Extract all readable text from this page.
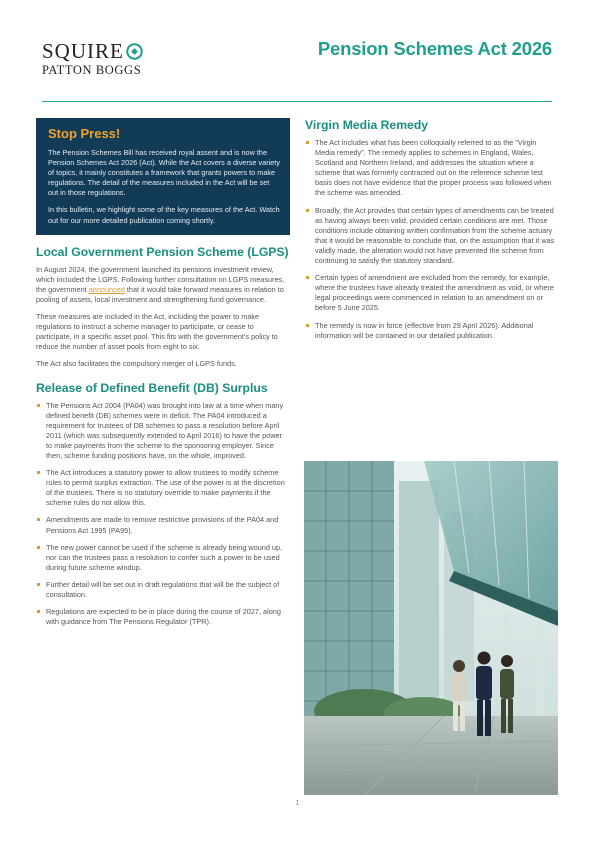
SQUIRE
PATTON BOGGS
Pension Schemes Act 2026
Stop Press!

The Pension Schemes Bill has received royal assent and is now the Pension Schemes Act 2026 (Act). While the Act covers a diverse variety of topics, it mainly constitutes a framework that grants powers to make regulations. The detail of the measures included in the Act will be set out in those regulations.

In this bulletin, we highlight some of the key measures of the Act. Watch out for our more detailed publication coming shortly.

Local Government Pension Scheme (LGPS)

In August 2024, the government launched its pensions investment review, which included the LGPS. Following further consultation on LGPS measures, the government announced that it would take forward measures in relation to pooling of assets, local investment and strengthening fund governance.

These measures are included in the Act, including the power to make regulations to instruct a scheme manager to participate, or cease to participate, in a specific asset pool. This fits with the government’s policy to reduce the number of asset pools from eight to six.

The Act also facilitates the compulsory merger of LGPS funds.

Release of Defined Benefit (DB) Surplus
The Pensions Act 2004 (PA04) was brought into law at a time when many defined benefit (DB) schemes were in deficit. The PA04 introduced a requirement for trustees of DB schemes to pass a resolution before April 2011 (which was subsequently extended to April 2016) to have the power to make payments from the scheme to the sponsoring employer. Since then, scheme funding positions have, on the whole, improved.
The Act introduces a statutory power to allow trustees to modify scheme rules to permit surplus extraction. The use of the power is at the discretion of the trustees. There is no statutory override to make payments if the scheme rules do not allow this.
Amendments are made to remove restrictive provisions of the PA04 and Pensions Act 1995 (PA95).
The new power cannot be used if the scheme is already being wound up, nor can the trustees pass a resolution to confer such a power to be used during future scheme windup.
Further detail will be set out in draft regulations that will be the subject of consultation.
Regulations are expected to be in place during the course of 2027, along with guidance from The Pensions Regulator (TPR).
Virgin Media Remedy
The Act includes what has been colloquially referred to as the “Virgin Media remedy”. The remedy applies to schemes in England, Wales, Scotland and Northern Ireland, and addresses the situation where a scheme that was formerly contracted out on the reference scheme test basis does not have evidence that the proper process was followed when the scheme was amended.
Broadly, the Act provides that certain types of amendments can be treated as having always been valid, provided certain conditions are met. Those conditions include obtaining written confirmation from the scheme actuary that it would be reasonable to conclude that, on the assumption that it was validly made, the alteration would not have prevented the scheme from continuing to satisfy the statutory standard.
Certain types of amendment are excluded from the remedy, for example, where the trustees have already treated the amendment as void, or where legal proceedings were commenced in relation to an amendment on or before 5 June 2025.
The remedy is now in force (effective from 29 April 2026). Additional information will be contained in our detailed publication.
1
